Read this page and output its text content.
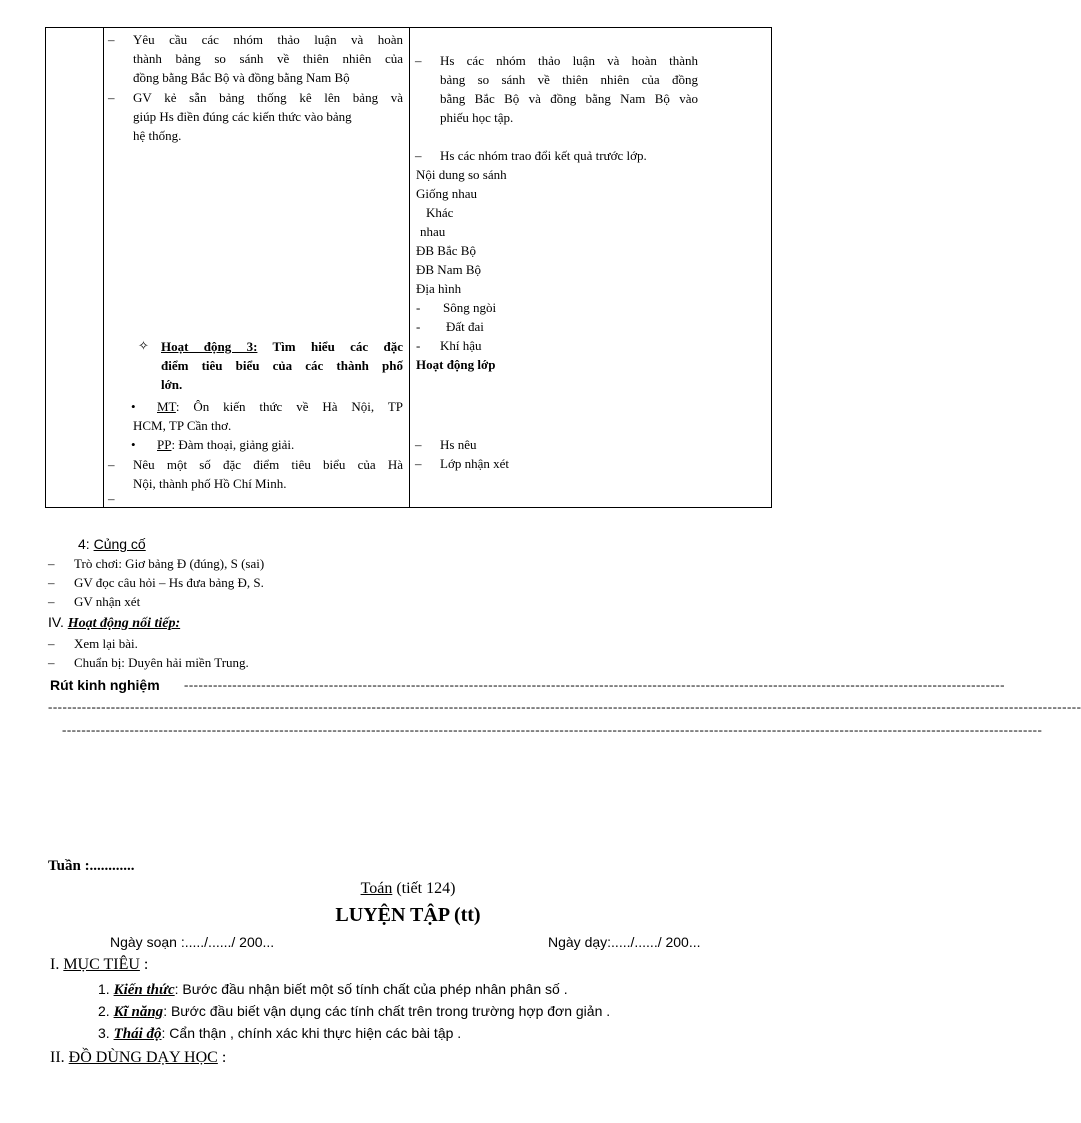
– Yêu cầu các nhóm thảo luận và hoàn
thành bảng so sánh về thiên nhiên của
đồng bằng Bắc Bộ và đồng bằng Nam Bộ
– GV kẻ sẵn bảng thống kê lên bảng và
giúp Hs điền đúng các kiến thức vào bảng
hệ thống.
✧ Hoạt động 3: Tìm hiểu các đặc
điểm tiêu biểu của các thành phố
lớn.
• MT: Ôn kiến thức về Hà Nội, TP
HCM, TP Cần thơ.
• PP: Đàm thoại, giảng giải.
– Nêu một số đặc điểm tiêu biểu của Hà
Nội, thành phố Hồ Chí Minh.
–
– Hs các nhóm thảo luận và hoàn thành
bảng so sánh về thiên nhiên của đồng
bằng Bắc Bộ và đồng bằng Nam Bộ vào
phiếu học tập.
– Hs các nhóm trao đổi kết quả trước lớp.
Nội dung so sánh
Giống nhau
Khác
nhau
ĐB Bắc Bộ
ĐB Nam Bộ
Địa hình
- Sông ngòi
- Đất đai
- Khí hậu
Hoạt động lớp
– Hs nêu
– Lớp nhận xét
4: Củng cố
– Trò chơi: Giơ bảng Đ (đúng), S (sai)
– GV đọc câu hỏi – Hs đưa bảng Đ, S.
– GV nhận xét
IV. Hoạt động nối tiếp:
– Xem lại bài.
– Chuẩn bị: Duyên hải miền Trung.
Rút kinh nghiệm --------------------------------------------------------------------------------------------------------------------------------------------------------------------------
----------------------------------------------------------------------------------------------------------------------------------------------------------------------------------------------------------------------
-----------------------------------------------------------------------------------------------------------------------------------------------------------------------------------------------------------
Tuần :............
Toán (tiết 124)
LUYỆN TẬP (tt)
Ngày soạn :...../....../ 200...	Ngày dạy:...../....../ 200...
I. MỤC TIÊU :
1. Kiến thức: Bước đầu nhận biết một số tính chất của phép nhân phân số .
2. Kĩ năng: Bước đầu biết vận dụng các tính chất trên trong trường hợp đơn giản .
3. Thái độ: Cẩn thận , chính xác khi thực hiện các bài tập .
II. ĐỒ DÙNG DẠY HỌC :
